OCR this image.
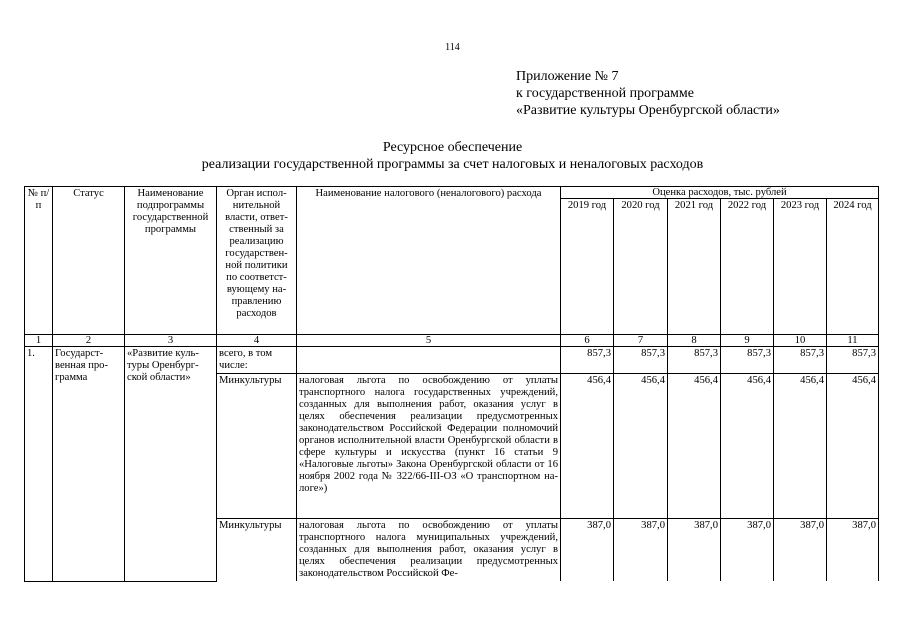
114
Приложение № 7
к государственной программе
«Развитие культуры Оренбургской области»
Ресурсное обеспечение
реализации государственной программы за счет налоговых и неналоговых расходов
№ п/п	Статус	Наименование подпрограммы государственной программы	Орган исполнительной власти, ответственный за реализацию государственной политики по соответствующему направлению расходов	Наименование налогового (неналогового) расхода	Оценка расходов, тыс. рублей					
					2019 год	2020 год	2021 год	2022 год	2023 год	2024 год
1	2	3	4	5	6	7	8	9	10	11
1.	Государственная программа	«Развитие культуры Оренбургской области»	всего, в том числе:		857,3	857,3	857,3	857,3	857,3	857,3
			Минкультуры	налоговая льгота по освобождению от уплаты транспортного налога государственных учреждений, созданных для выполнения работ, оказания услуг в целях обеспечения реализации предусмотренных законодательством Российской Федерации полномочий органов исполнительной власти Оренбургской области в сфере культуры и искусства (пункт 16 статьи 9 «Налоговые льготы» Закона Оренбургской области от 16 ноября 2002 года № 322/66-III-ОЗ «О транспортном налоге»)	456,4	456,4	456,4	456,4	456,4	456,4
			Минкультуры	налоговая льгота по освобождению от уплаты транспортного налога муниципальных учреждений, созданных для выполнения работ, оказания услуг в целях обеспечения реализации предусмотренных законодательством Российской Фе-	387,0	387,0	387,0	387,0	387,0	387,0
